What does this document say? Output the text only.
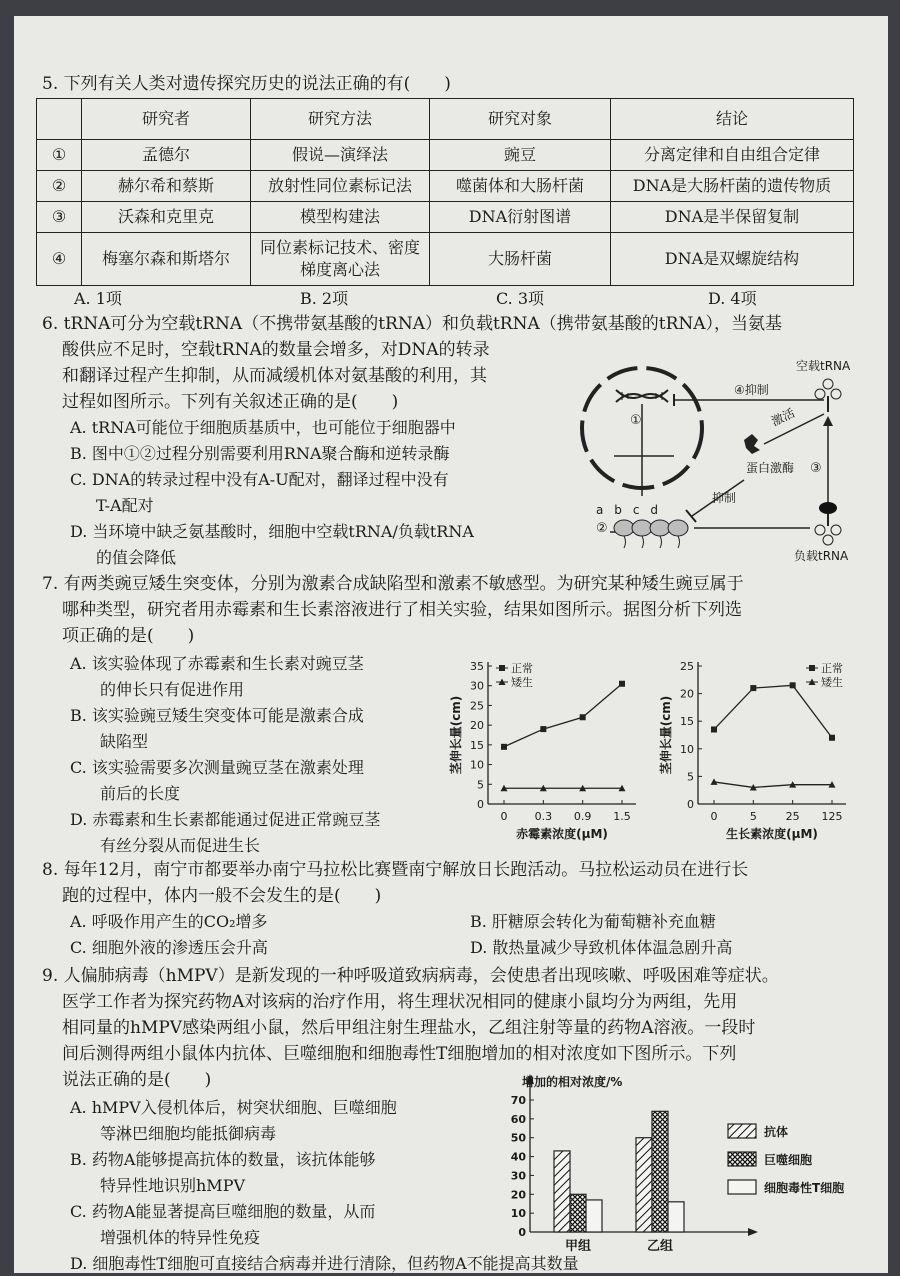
5. 下列有关人类对遗传探究历史的说法正确的有(　　)
	研究者	研究方法	研究对象	结论
①	孟德尔	假说—演绎法	豌豆	分离定律和自由组合定律
②	赫尔希和蔡斯	放射性同位素标记法	噬菌体和大肠杆菌	DNA是大肠杆菌的遗传物质
③	沃森和克里克	模型构建法	DNA衍射图谱	DNA是半保留复制
④	梅塞尔森和斯塔尔	同位素标记技术、密度梯度离心法	大肠杆菌	DNA是双螺旋结构
A. 1项	B. 2项	C. 3项	D. 4项
6. tRNA可分为空载tRNA（不携带氨基酸的tRNA）和负载tRNA（携带氨基酸的tRNA），当氨基
酸供应不足时，空载tRNA的数量会增多，对DNA的转录
和翻译过程产生抑制，从而减缓机体对氨基酸的利用，其
过程如图所示。下列有关叙述正确的是(　　)
A. tRNA可能位于细胞质基质中，也可能位于细胞器中
B. 图中①②过程分别需要利用RNA聚合酶和逆转录酶
C. DNA的转录过程中没有A-U配对，翻译过程中没有
T-A配对
D. 当环境中缺乏氨基酸时，细胞中空载tRNA/负载tRNA
的值会降低
①
④抑制
空载tRNA
激活
蛋白激酶 ③
抑制
负载tRNA
a b c d
②
7. 有两类豌豆矮生突变体，分别为激素合成缺陷型和激素不敏感型。为研究某种矮生豌豆属于
哪种类型，研究者用赤霉素和生长素溶液进行了相关实验，结果如图所示。据图分析下列选
项正确的是(　　)
A. 该实验体现了赤霉素和生长素对豌豆茎
的伸长只有促进作用
B. 该实验豌豆矮生突变体可能是激素合成
缺陷型
C. 该实验需要多次测量豌豆茎在激素处理
前后的长度
D. 赤霉素和生长素都能通过促进正常豌豆茎
有丝分裂从而促进生长
0
5
10
15
20
25
30
35
0 0.3 0.9 1.5
赤霉素浓度(μM)
茎伸长量(cm)
正常
矮生
0
5
10
15
20
25
0	5	25 125
生长素浓度(μM)
茎伸长量(cm)
正常
矮生
8. 每年12月，南宁市都要举办南宁马拉松比赛暨南宁解放日长跑活动。马拉松运动员在进行长
跑的过程中，体内一般不会发生的是(　　)
A. 呼吸作用产生的CO₂增多	B. 肝糖原会转化为葡萄糖补充血糖
C. 细胞外液的渗透压会升高	D. 散热量减少导致机体体温急剧升高
9. 人偏肺病毒（hMPV）是新发现的一种呼吸道致病病毒，会使患者出现咳嗽、呼吸困难等症状。
医学工作者为探究药物A对该病的治疗作用，将生理状况相同的健康小鼠均分为两组，先用
相同量的hMPV感染两组小鼠，然后甲组注射生理盐水，乙组注射等量的药物A溶液。一段时
间后测得两组小鼠体内抗体、巨噬细胞和细胞毒性T细胞增加的相对浓度如下图所示。下列
说法正确的是(　　)
A. hMPV入侵机体后，树突状细胞、巨噬细胞
等淋巴细胞均能抵御病毒
B. 药物A能够提高抗体的数量，该抗体能够
特异性地识别hMPV
C. 药物A能显著提高巨噬细胞的数量，从而
增强机体的特异性免疫
D. 细胞毒性T细胞可直接结合病毒并进行清除，但药物A不能提高其数量
增加的相对浓度/%
0
10
20
30
40
50
60
70
甲组	乙组
抗体
巨噬细胞
细胞毒性T细胞
